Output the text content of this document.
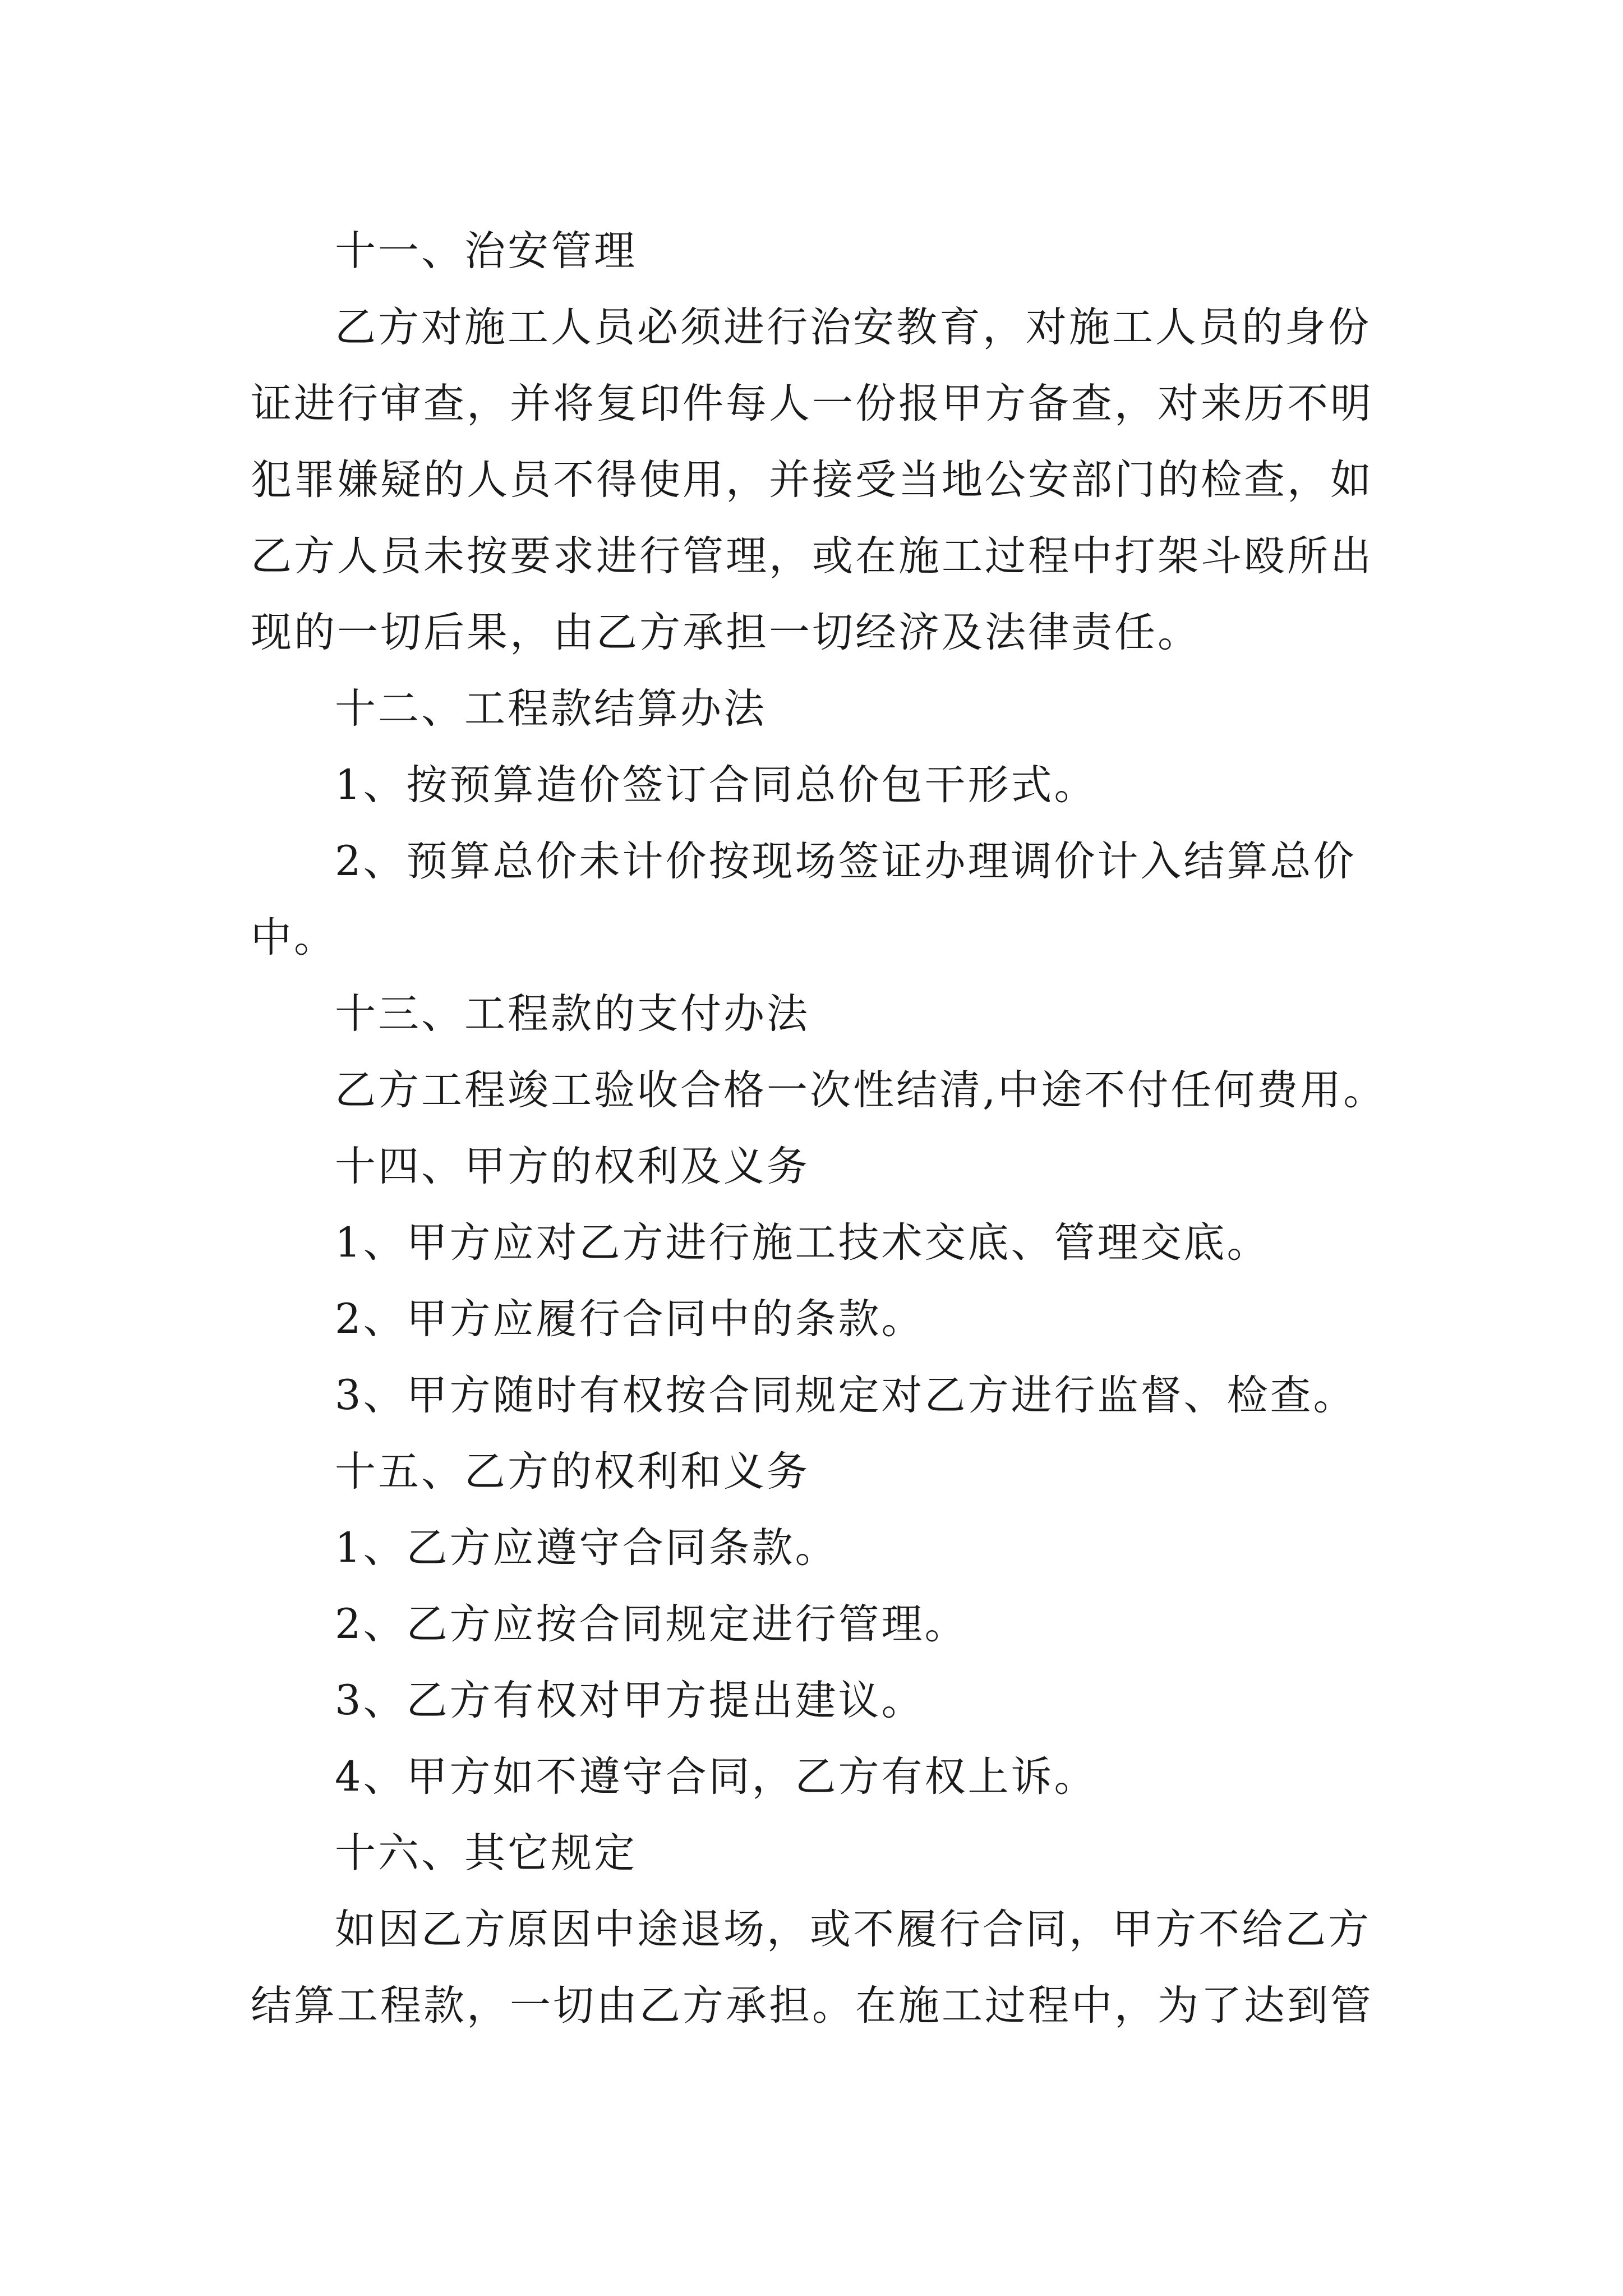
十一、治安管理
乙方对施工人员必须进行治安教育，对施工人员的身份
证进行审查，并将复印件每人一份报甲方备查，对来历不明
犯罪嫌疑的人员不得使用，并接受当地公安部门的检查，如
乙方人员未按要求进行管理，或在施工过程中打架斗殴所出
现的一切后果，由乙方承担一切经济及法律责任。
十二、工程款结算办法
1、按预算造价签订合同总价包干形式。
2、预算总价未计价按现场签证办理调价计入结算总价
中。
十三、工程款的支付办法
乙方工程竣工验收合格一次性结清,中途不付任何费用。
十四、甲方的权利及义务
1、甲方应对乙方进行施工技术交底、管理交底。
2、甲方应履行合同中的条款。
3、甲方随时有权按合同规定对乙方进行监督、检查。
十五、乙方的权利和义务
1、乙方应遵守合同条款。
2、乙方应按合同规定进行管理。
3、乙方有权对甲方提出建议。
4、甲方如不遵守合同，乙方有权上诉。
十六、其它规定
如因乙方原因中途退场，或不履行合同，甲方不给乙方
结算工程款，一切由乙方承担。在施工过程中，为了达到管
